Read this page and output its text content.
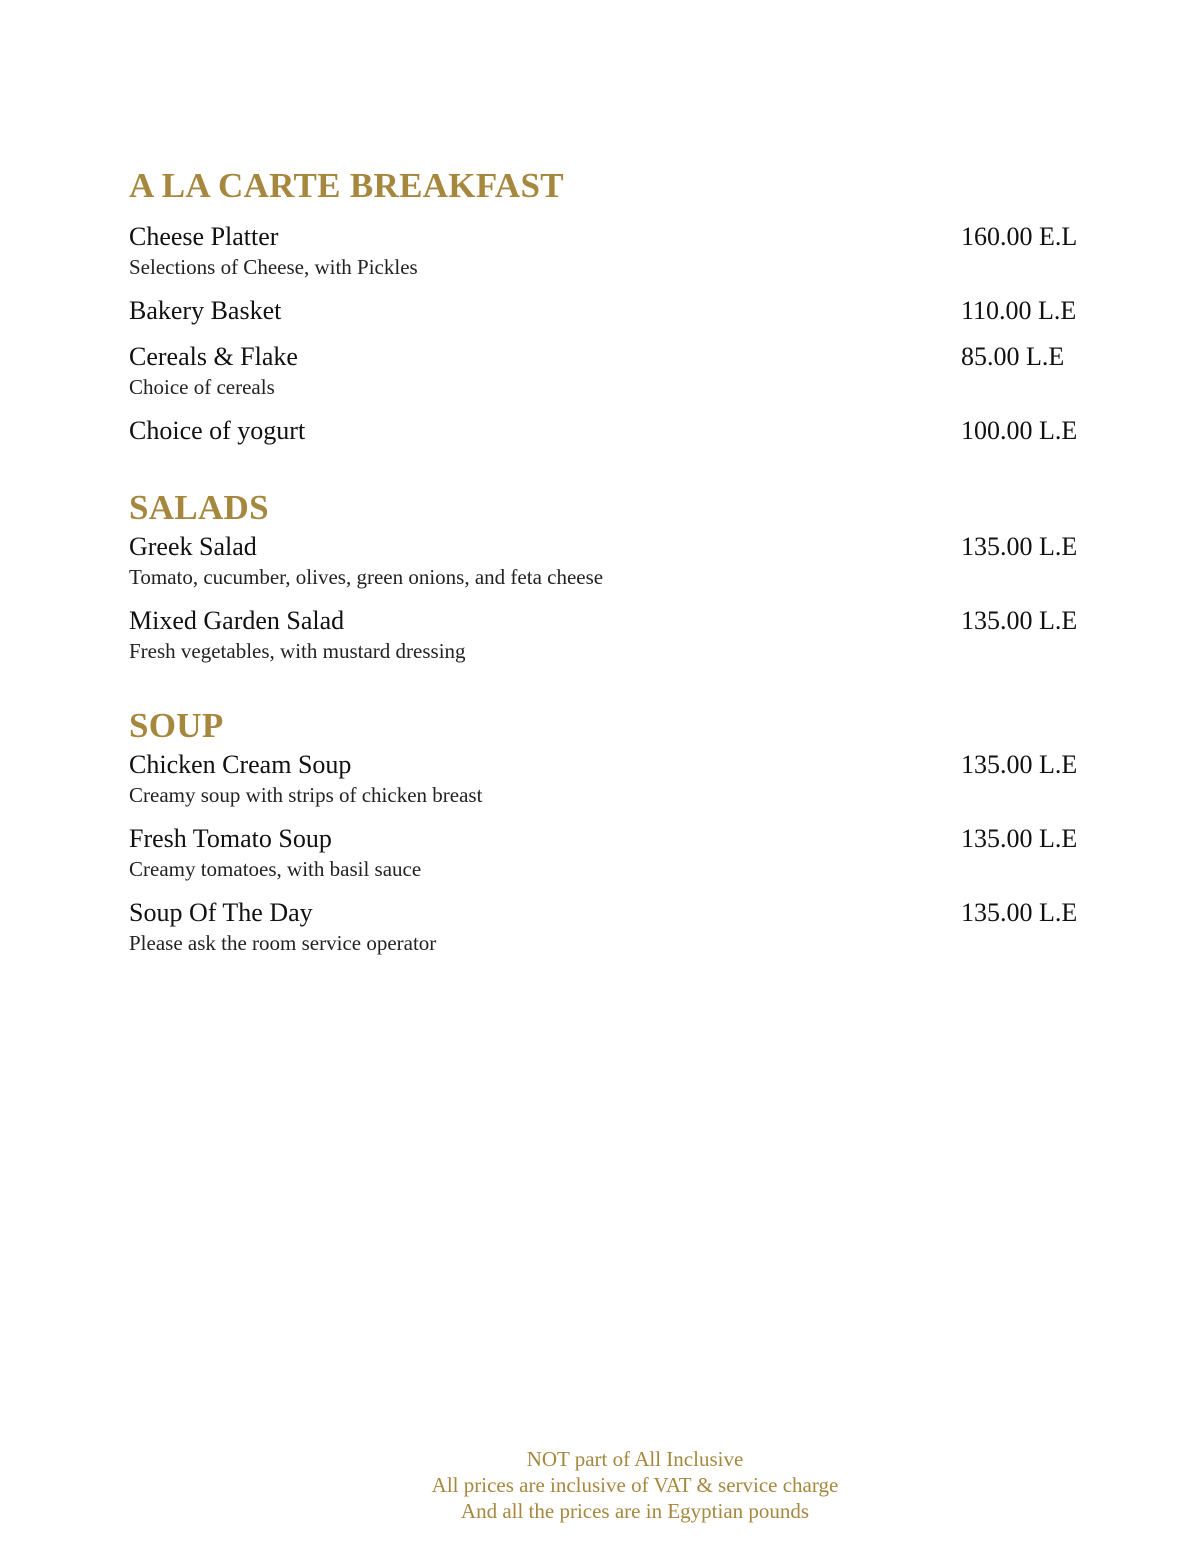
A LA CARTE BREAKFAST
Cheese Platter
Selections of Cheese, with Pickles
160.00 E.L
Bakery Basket	110.00 L.E
Cereals & Flake
Choice of cereals
85.00 L.E
Choice of yogurt	100.00 L.E
SALADS
Greek Salad
Tomato, cucumber, olives, green onions, and feta cheese
135.00 L.E
Mixed Garden Salad
Fresh vegetables, with mustard dressing
135.00 L.E
SOUP
Chicken Cream Soup
Creamy soup with strips of chicken breast
135.00 L.E
Fresh Tomato Soup
Creamy tomatoes, with basil sauce
135.00 L.E
Soup Of The Day
Please ask the room service operator
135.00 L.E
NOT part of All Inclusive
All prices are inclusive of VAT & service charge
And all the prices are in Egyptian pounds
